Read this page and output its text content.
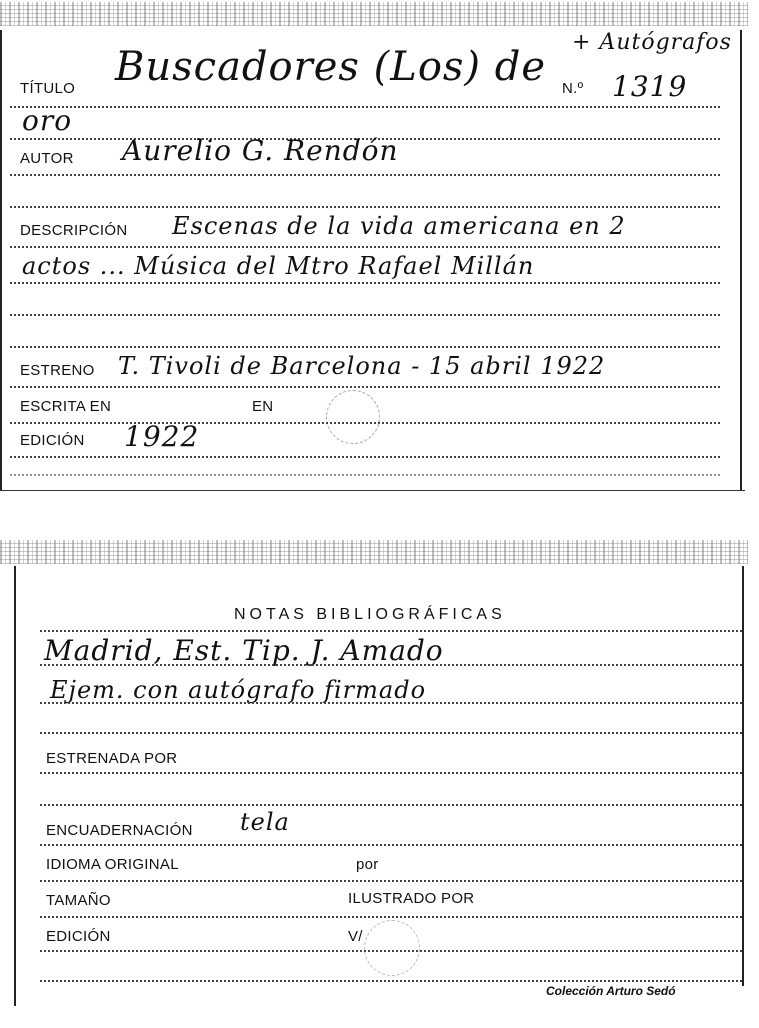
TÍTULO Buscadores (Los) de N.º 1319
+ Autógrafos
oro
AUTOR Aurelio G. Rendón
DESCRIPCIÓN Escenas de la vida americana en 2
actos ... Música del Mtro Rafael Millán
ESTRENO T. Tivoli de Barcelona - 15 abril 1922
ESCRITA EN	EN
EDICIÓN 1922
NOTAS BIBLIOGRÁFICAS
Madrid, Est. Tip. J. Amado
Ejem. con autógrafo firmado
ESTRENADA POR
ENCUADERNACIÓN tela
IDIOMA ORIGINAL	por
TAMAÑO	ILUSTRADO POR
EDICIÓN	V/
Colección Arturo Sedó
